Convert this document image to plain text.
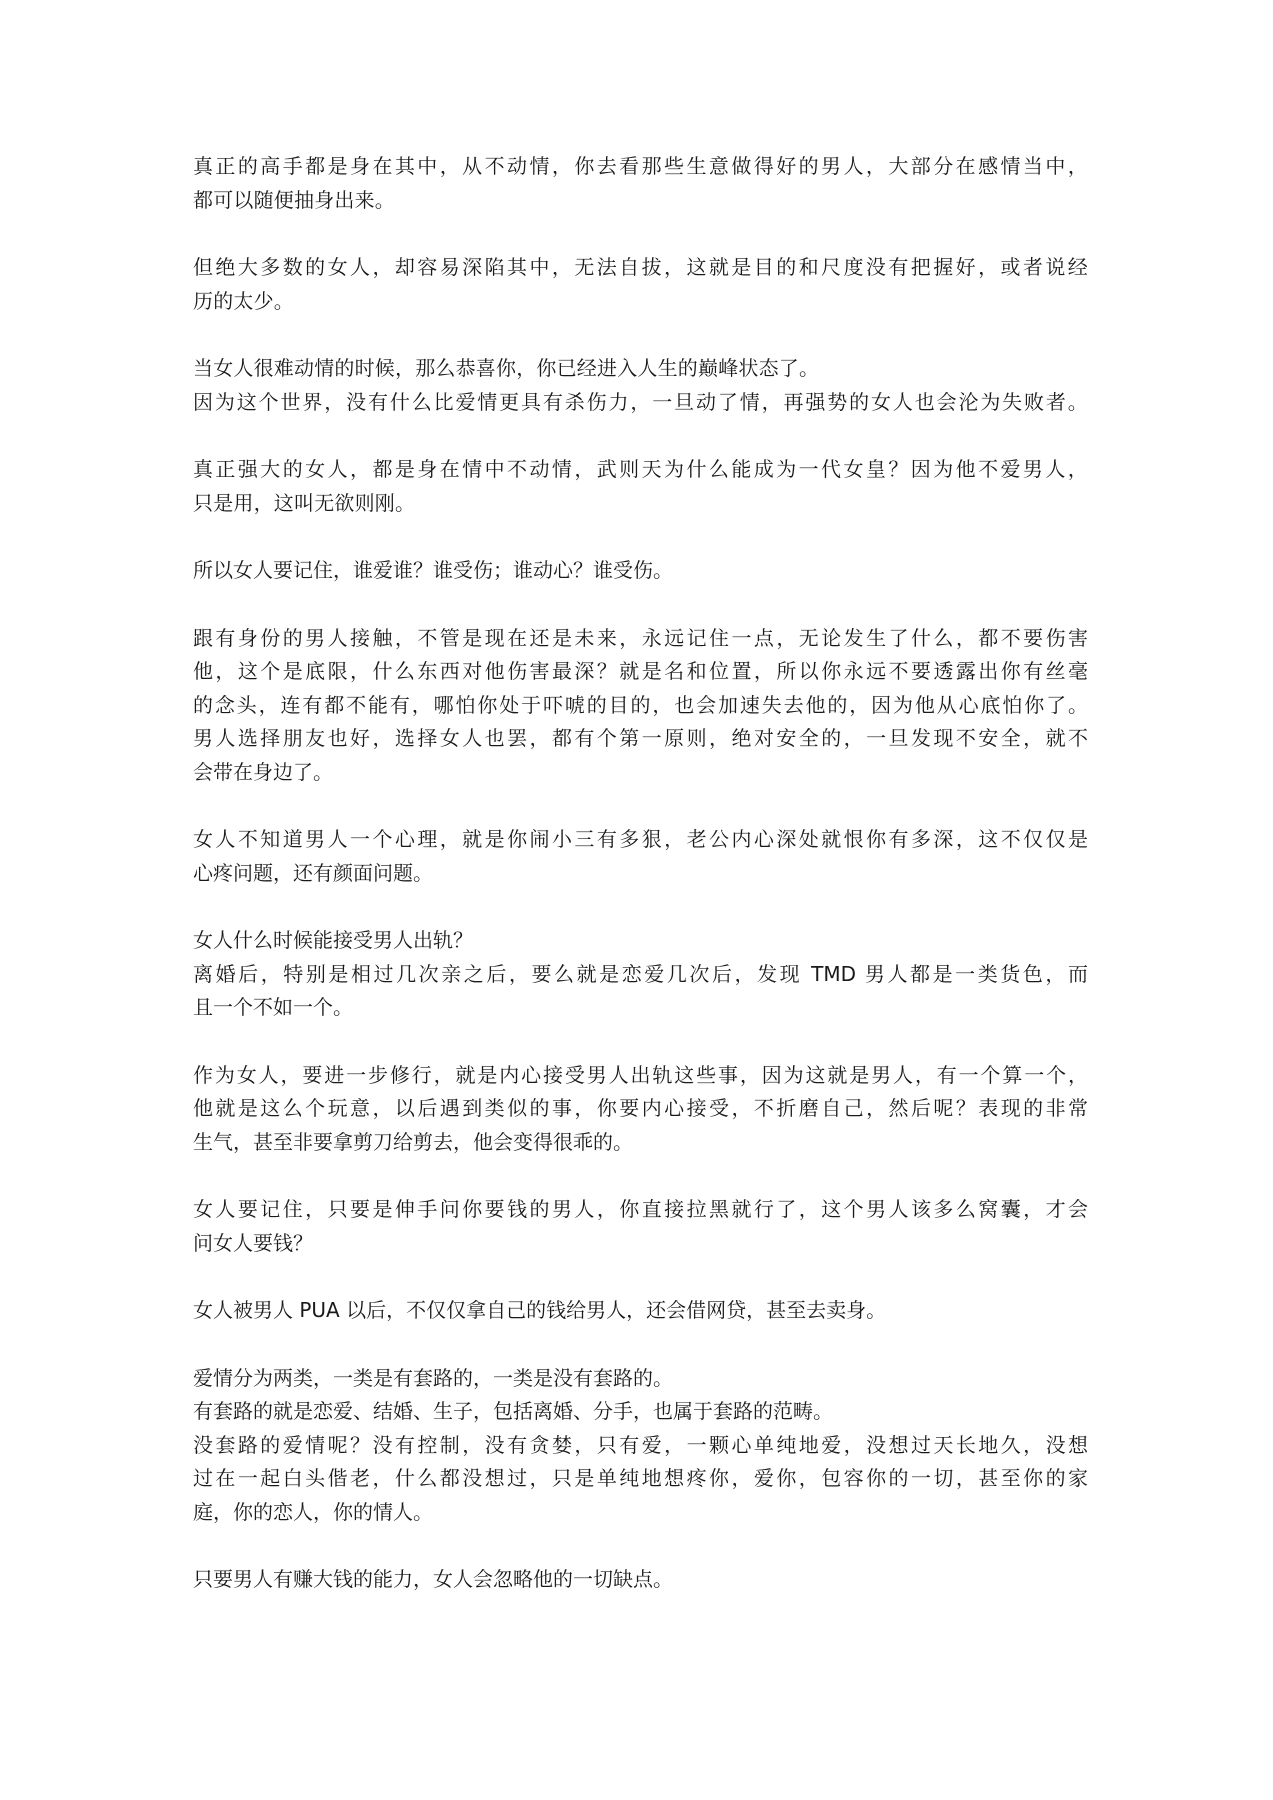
真正的高手都是身在其中，从不动情，你去看那些生意做得好的男人，大部分在感情当中，
都可以随便抽身出来。
但绝大多数的女人，却容易深陷其中，无法自拔，这就是目的和尺度没有把握好，或者说经
历的太少。
当女人很难动情的时候，那么恭喜你，你已经进入人生的巅峰状态了。
因为这个世界，没有什么比爱情更具有杀伤力，一旦动了情，再强势的女人也会沦为失败者。
真正强大的女人，都是身在情中不动情，武则天为什么能成为一代女皇？因为他不爱男人，
只是用，这叫无欲则刚。
所以女人要记住，谁爱谁？谁受伤；谁动心？谁受伤。
跟有身份的男人接触，不管是现在还是未来，永远记住一点，无论发生了什么，都不要伤害
他，这个是底限，什么东西对他伤害最深？就是名和位置，所以你永远不要透露出你有丝毫
的念头，连有都不能有，哪怕你处于吓唬的目的，也会加速失去他的，因为他从心底怕你了。
男人选择朋友也好，选择女人也罢，都有个第一原则，绝对安全的，一旦发现不安全，就不
会带在身边了。
女人不知道男人一个心理，就是你闹小三有多狠，老公内心深处就恨你有多深，这不仅仅是
心疼问题，还有颜面问题。
女人什么时候能接受男人出轨？
离婚后，特别是相过几次亲之后，要么就是恋爱几次后，发现 TMD 男人都是一类货色，而
且一个不如一个。
作为女人，要进一步修行，就是内心接受男人出轨这些事，因为这就是男人，有一个算一个，
他就是这么个玩意，以后遇到类似的事，你要内心接受，不折磨自己，然后呢？表现的非常
生气，甚至非要拿剪刀给剪去，他会变得很乖的。
女人要记住，只要是伸手问你要钱的男人，你直接拉黑就行了，这个男人该多么窝囊，才会
问女人要钱？
女人被男人 PUA 以后，不仅仅拿自己的钱给男人，还会借网贷，甚至去卖身。
爱情分为两类，一类是有套路的，一类是没有套路的。
有套路的就是恋爱、结婚、生子，包括离婚、分手，也属于套路的范畴。
没套路的爱情呢？没有控制，没有贪婪，只有爱，一颗心单纯地爱，没想过天长地久，没想
过在一起白头偕老，什么都没想过，只是单纯地想疼你，爱你，包容你的一切，甚至你的家
庭，你的恋人，你的情人。
只要男人有赚大钱的能力，女人会忽略他的一切缺点。
